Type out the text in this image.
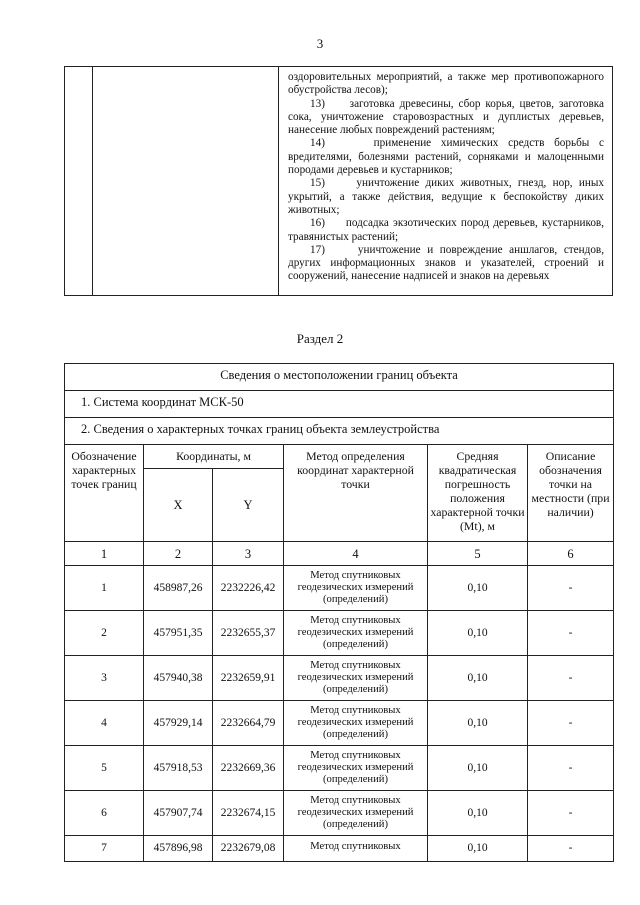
3

оздоровительных мероприятий, а также мер противопожарного обустройства лесов);

13)     заготовка древесины, сбор корья, цветов, заготовка сока, уничтожение старовозрастных и дуплистых деревьев, нанесение любых повреждений растениям;

14)     применение химических средств борьбы с вредителями, болезнями растений, сорняками и малоценными породами деревьев и кустарников;

15)     уничтожение диких животных, гнезд, нор, иных укрытий, а также действия, ведущие к беспокойству диких животных;

16)     подсадка экзотических пород деревьев, кустарников, травянистых растений;

17)     уничтожение и повреждение аншлагов, стендов, других информационных знаков и указателей, строений и сооружений, нанесение надписей и знаков на деревьях

Раздел 2
Сведения о местоположении границ объекта					
1. Система координат МСК-50					
2. Сведения о характерных точках границ объекта землеустройства					
Обозначение характерных точек границ	Координаты, м		Метод определения координат характерной точки	Средняя квадратическая погрешность положения характерной точки (Mt), м	Описание обозначения точки на местности (при наличии)
	X	Y			
1	2	3	4	5	6
1	458987,26	2232226,42	Метод спутниковых геодезических измерений (определений)	0,10	-
2	457951,35	2232655,37	Метод спутниковых геодезических измерений (определений)	0,10	-
3	457940,38	2232659,91	Метод спутниковых геодезических измерений (определений)	0,10	-
4	457929,14	2232664,79	Метод спутниковых геодезических измерений (определений)	0,10	-
5	457918,53	2232669,36	Метод спутниковых геодезических измерений (определений)	0,10	-
6	457907,74	2232674,15	Метод спутниковых геодезических измерений (определений)	0,10	-
7	457896,98	2232679,08	Метод спутниковых	0,10	-
